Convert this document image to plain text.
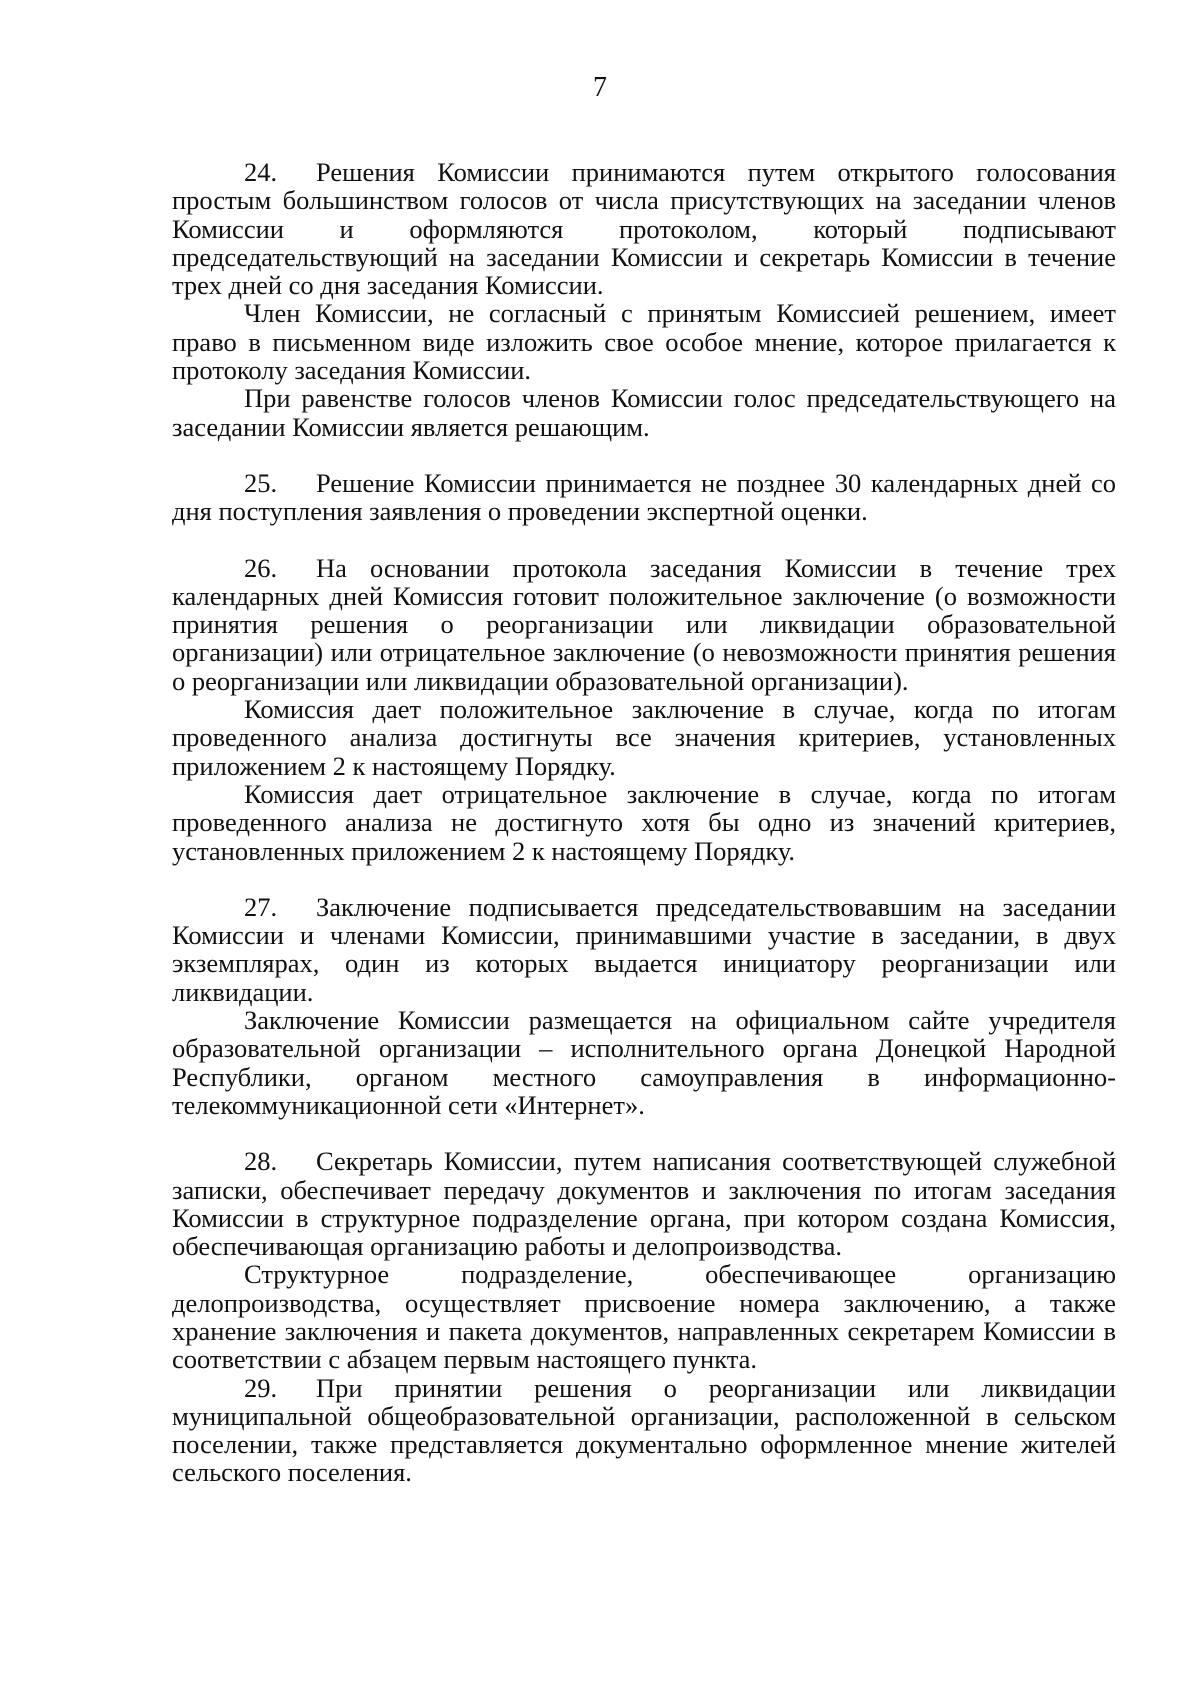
7

24. Решения Комиссии принимаются путем открытого голосования простым большинством голосов от числа присутствующих на заседании членов Комиссии и оформляются протоколом, который подписывают председательствующий на заседании Комиссии и секретарь Комиссии в течение трех дней со дня заседания Комиссии.

Член Комиссии, не согласный с принятым Комиссией решением, имеет право в письменном виде изложить свое особое мнение, которое прилагается к протоколу заседания Комиссии.

При равенстве голосов членов Комиссии голос председательствующего на заседании Комиссии является решающим.

25. Решение Комиссии принимается не позднее 30 календарных дней со дня поступления заявления о проведении экспертной оценки.

26. На основании протокола заседания Комиссии в течение трех календарных дней Комиссия готовит положительное заключение (о возможности принятия решения о реорганизации или ликвидации образовательной организации) или отрицательное заключение (о невозможности принятия решения о реорганизации или ликвидации образовательной организации).

Комиссия дает положительное заключение в случае, когда по итогам проведенного анализа достигнуты все значения критериев, установленных приложением 2 к настоящему Порядку.

Комиссия дает отрицательное заключение в случае, когда по итогам проведенного анализа не достигнуто хотя бы одно из значений критериев, установленных приложением 2 к настоящему Порядку.

27. Заключение подписывается председательствовавшим на заседании Комиссии и членами Комиссии, принимавшими участие в заседании, в двух экземплярах, один из которых выдается инициатору реорганизации или ликвидации.

Заключение Комиссии размещается на официальном сайте учредителя образовательной организации – исполнительного органа Донецкой Народной Республики, органом местного самоуправления в информационно-телекоммуникационной сети «Интернет».

28. Секретарь Комиссии, путем написания соответствующей служебной записки, обеспечивает передачу документов и заключения по итогам заседания Комиссии в структурное подразделение органа, при котором создана Комиссия, обеспечивающая организацию работы и делопроизводства.

Структурное подразделение, обеспечивающее организацию делопроизводства, осуществляет присвоение номера заключению, а также хранение заключения и пакета документов, направленных секретарем Комиссии в соответствии с абзацем первым настоящего пункта.

29. При принятии решения о реорганизации или ликвидации муниципальной общеобразовательной организации, расположенной в сельском поселении, также представляется документально оформленное мнение жителей сельского поселения.
